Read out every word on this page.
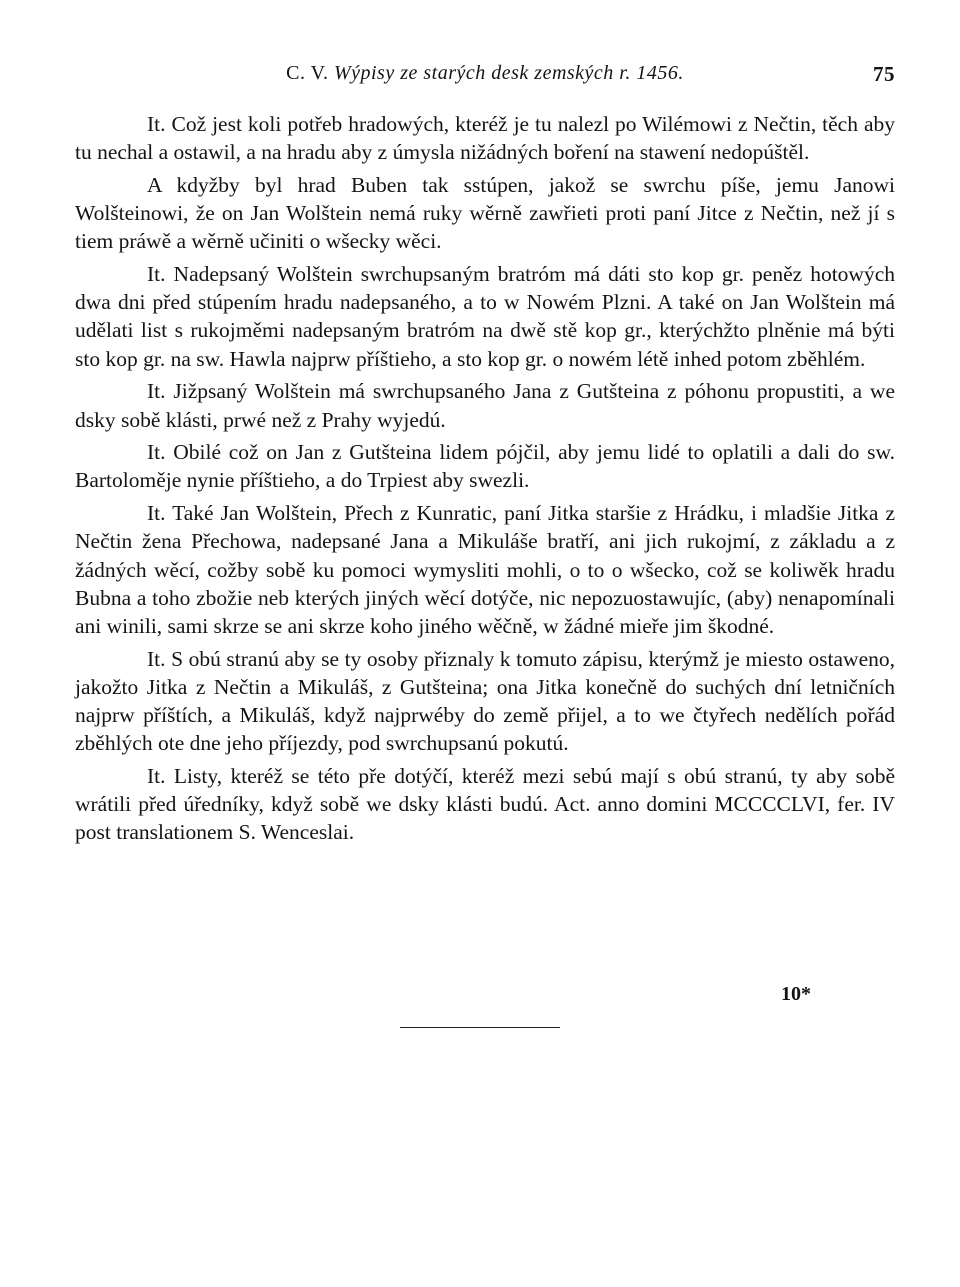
C. V. Wýpisy ze starých desk zemských r. 1456.	75

It. Což jest koli potřeb hradowých, kteréž je tu nalezl po Wilémowi z Nečtin, těch aby tu nechal a ostawil, a na hradu aby z úmysla nižádných boření na stawení nedopúštěl.

A kdyžby byl hrad Buben tak sstúpen, jakož se swrchu píše, jemu Janowi Wolšteinowi, že on Jan Wolštein nemá ruky wěrně zawřieti proti paní Jitce z Nečtin, než jí s tiem práwě a wěrně učiniti o wšecky wěci.

It. Nadepsaný Wolštein swrchupsaným bratróm má dáti sto kop gr. peněz hotowých dwa dni před stúpením hradu nadepsaného, a to w Nowém Plzni. A také on Jan Wolštein má udělati list s rukojměmi nadepsaným bratróm na dwě stě kop gr., kterýchžto plněnie má býti sto kop gr. na sw. Hawla najprw příštieho, a sto kop gr. o nowém létě inhed potom zběhlém.

It. Jižpsaný Wolštein má swrchupsaného Jana z Gutšteina z póhonu propustiti, a we dsky sobě klásti, prwé než z Prahy wyjedú.

It. Obilé což on Jan z Gutšteina lidem pójčil, aby jemu lidé to oplatili a dali do sw. Bartoloměje nynie příštieho, a do Trpiest aby swezli.

It. Také Jan Wolštein, Přech z Kunratic, paní Jitka staršie z Hrádku, i mladšie Jitka z Nečtin žena Přechowa, nadepsané Jana a Mikuláše bratří, ani jich rukojmí, z základu a z žádných wěcí, cožby sobě ku pomoci wymysliti mohli, o to o wšecko, což se koliwěk hradu Bubna a toho zbožie neb kterých jiných wěcí dotýče, nic nepozuostawujíc, (aby) nenapomínali ani winili, sami skrze se ani skrze koho jiného wěčně, w žádné mieře jim škodné.

It. S obú stranú aby se ty osoby přiznaly k tomuto zápisu, kterýmž je miesto ostaweno, jakožto Jitka z Nečtin a Mikuláš, z Gutšteina; ona Jitka konečně do suchých dní letničních najprw příštích, a Mikuláš, když najprwéby do země přijel, a to we čtyřech nedělích pořád zběhlých ote dne jeho příjezdy, pod swrchupsanú pokutú.

It. Listy, kteréž se této pře dotýčí, kteréž mezi sebú mají s obú stranú, ty aby sobě wrátili před úředníky, když sobě we dsky klásti budú. Act. anno domini MCCCCLVI, fer. IV post translationem S. Wenceslai.

10*
